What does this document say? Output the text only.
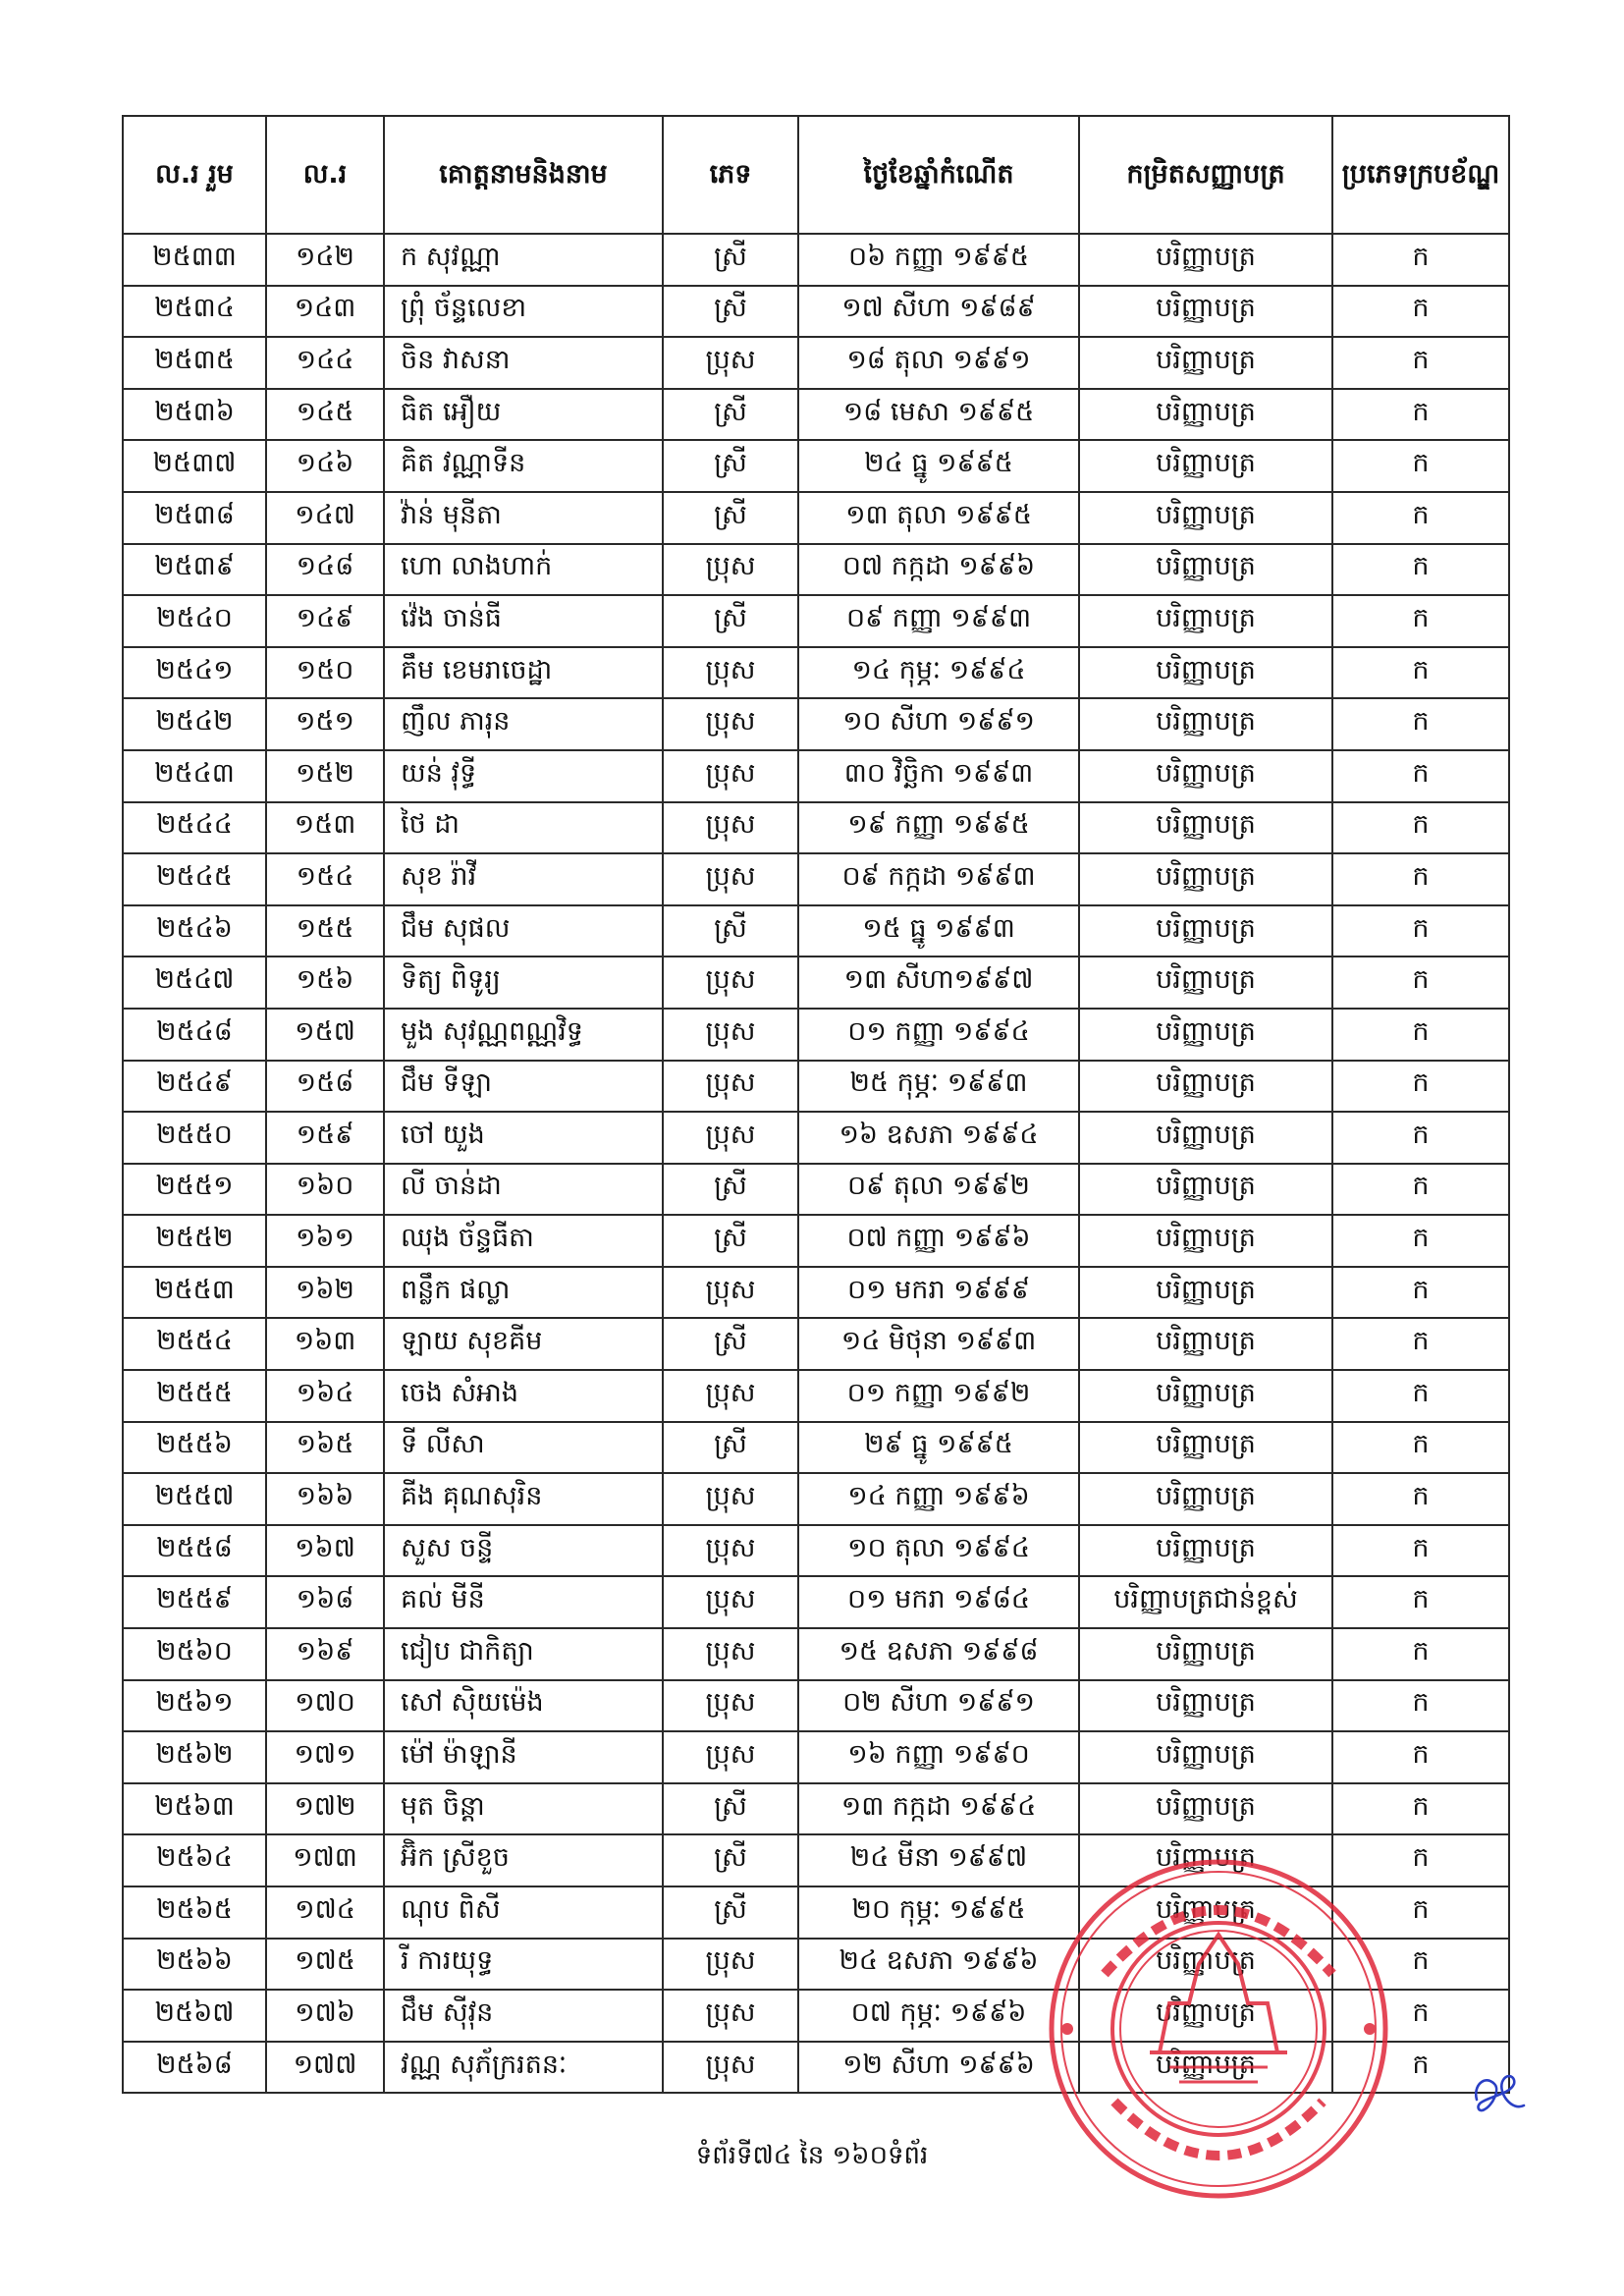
ល.រ រួម	ល.រ	គោត្តនាមនិងនាម	ភេទ	ថ្ងៃខែឆ្នាំកំណើត	កម្រិតសញ្ញាបត្រ	ប្រភេទក្របខ័ណ្ឌ
២៥៣៣	១៤២	ក សុវណ្ណា	ស្រី	០៦ កញ្ញា ១៩៩៥	បរិញ្ញាបត្រ	ក
២៥៣៤	១៤៣	ព្រុំ ច័ន្ទលេខា	ស្រី	១៧ សីហា ១៩៨៩	បរិញ្ញាបត្រ	ក
២៥៣៥	១៤៤	ចិន វាសនា	ប្រុស	១៨ តុលា ១៩៩១	បរិញ្ញាបត្រ	ក
២៥៣៦	១៤៥	ធិត អឿយ	ស្រី	១៨ មេសា ១៩៩៥	បរិញ្ញាបត្រ	ក
២៥៣៧	១៤៦	គិត វណ្ណាទីន	ស្រី	២៤ ធ្នូ ១៩៩៥	បរិញ្ញាបត្រ	ក
២៥៣៨	១៤៧	វ៉ាន់ មុនីតា	ស្រី	១៣ តុលា ១៩៩៥	បរិញ្ញាបត្រ	ក
២៥៣៩	១៤៨	ហោ លាងហាក់	ប្រុស	០៧ កក្កដា ១៩៩៦	បរិញ្ញាបត្រ	ក
២៥៤០	១៤៩	វ៉េង ចាន់ធី	ស្រី	០៩ កញ្ញា ១៩៩៣	បរិញ្ញាបត្រ	ក
២៥៤១	១៥០	គឹម ខេមរាចេដ្ឋា	ប្រុស	១៤ កុម្ភៈ ១៩៩៤	បរិញ្ញាបត្រ	ក
២៥៤២	១៥១	ញឹល ភារុន	ប្រុស	១០ សីហា ១៩៩១	បរិញ្ញាបត្រ	ក
២៥៤៣	១៥២	យន់ វុទ្ធី	ប្រុស	៣០ វិច្ឆិកា ១៩៩៣	បរិញ្ញាបត្រ	ក
២៥៤៤	១៥៣	ថៃ ដា	ប្រុស	១៩ កញ្ញា ១៩៩៥	បរិញ្ញាបត្រ	ក
២៥៤៥	១៥៤	សុខ រ៉ាវី	ប្រុស	០៩ កក្កដា ១៩៩៣	បរិញ្ញាបត្រ	ក
២៥៤៦	១៥៥	ជឹម សុផល	ស្រី	១៥ ធ្នូ ១៩៩៣	បរិញ្ញាបត្រ	ក
២៥៤៧	១៥៦	ទិត្យ ពិទូរ្យ	ប្រុស	១៣ សីហា១៩៩៧	បរិញ្ញាបត្រ	ក
២៥៤៨	១៥៧	មួង សុវណ្ណពណ្ណវិទ្ធ	ប្រុស	០១ កញ្ញា ១៩៩៤	បរិញ្ញាបត្រ	ក
២៥៤៩	១៥៨	ជឹម ទីឡា	ប្រុស	២៥ កុម្ភៈ ១៩៩៣	បរិញ្ញាបត្រ	ក
២៥៥០	១៥៩	ចៅ យួង	ប្រុស	១៦ ឧសភា ១៩៩៤	បរិញ្ញាបត្រ	ក
២៥៥១	១៦០	លី ចាន់ដា	ស្រី	០៩ តុលា ១៩៩២	បរិញ្ញាបត្រ	ក
២៥៥២	១៦១	ឈុង ច័ន្ទធីតា	ស្រី	០៧ កញ្ញា ១៩៩៦	បរិញ្ញាបត្រ	ក
២៥៥៣	១៦២	ពន្លឹក ផល្លា	ប្រុស	០១ មករា ១៩៩៩	បរិញ្ញាបត្រ	ក
២៥៥៤	១៦៣	ឡាយ សុខគីម	ស្រី	១៤ មិថុនា ១៩៩៣	បរិញ្ញាបត្រ	ក
២៥៥៥	១៦៤	ចេង សំអាង	ប្រុស	០១ កញ្ញា ១៩៩២	បរិញ្ញាបត្រ	ក
២៥៥៦	១៦៥	ទី លីសា	ស្រី	២៩ ធ្នូ ១៩៩៥	បរិញ្ញាបត្រ	ក
២៥៥៧	១៦៦	គីង គុណសុរិន	ប្រុស	១៤ កញ្ញា ១៩៩៦	បរិញ្ញាបត្រ	ក
២៥៥៨	១៦៧	សួស ចន្ទី	ប្រុស	១០ តុលា ១៩៩៤	បរិញ្ញាបត្រ	ក
២៥៥៩	១៦៨	គល់ មីនី	ប្រុស	០១ មករា ១៩៨៤	បរិញ្ញាបត្រជាន់ខ្ពស់	ក
២៥៦០	១៦៩	ជៀប ជាកិត្យា	ប្រុស	១៥ ឧសភា ១៩៩៨	បរិញ្ញាបត្រ	ក
២៥៦១	១៧០	សៅ ស៊ិយម៉េង	ប្រុស	០២ សីហា ១៩៩១	បរិញ្ញាបត្រ	ក
២៥៦២	១៧១	ម៉ៅ ម៉ាឡានី	ប្រុស	១៦ កញ្ញា ១៩៩០	បរិញ្ញាបត្រ	ក
២៥៦៣	១៧២	មុត ចិន្តា	ស្រី	១៣ កក្កដា ១៩៩៤	បរិញ្ញាបត្រ	ក
២៥៦៤	១៧៣	អ៊ិក ស្រីខួច	ស្រី	២៤ មីនា ១៩៩៧	បរិញ្ញាបត្រ	ក
២៥៦៥	១៧៤	ណុប ពិសី	ស្រី	២០ កុម្ភៈ ១៩៩៥	បរិញ្ញាបត្រ	ក
២៥៦៦	១៧៥	រី ការយុទ្ធ	ប្រុស	២៤ ឧសភា ១៩៩៦	បរិញ្ញាបត្រ	ក
២៥៦៧	១៧៦	ជឹម ស៊ីវុន	ប្រុស	០៧ កុម្ភៈ ១៩៩៦	បរិញ្ញាបត្រ	ក
២៥៦៨	១៧៧	វណ្ណ សុភ័ក្ររតនៈ	ប្រុស	១២ សីហា ១៩៩៦	បរិញ្ញាបត្រ	ក
ទំព័រទី៧៤ នៃ ១៦០ទំព័រ
